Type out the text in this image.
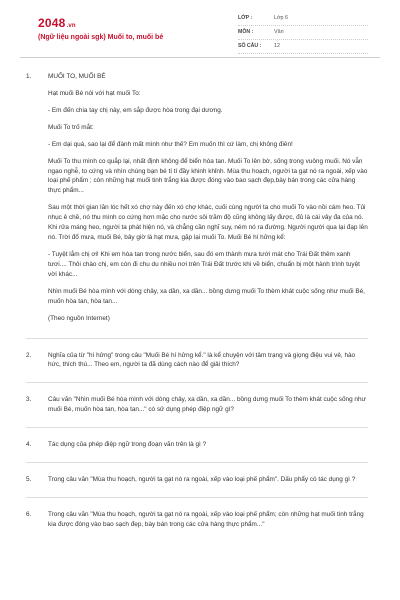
2048.vn
(Ngữ liệu ngoài sgk) Muối to, muối bé
LỚP :	Lớp 6
MÔN :	Văn
SỐ CÂU :	12
1.	MUỐI TO, MUỐI BÉ

Hạt muối Bé nói với hạt muối To:

- Em đến chia tay chị này, em sắp được hòa trong đại dương.

Muối To trố mắt:

- Em dại quá, sao lại để đánh mất mình như thế? Em muốn thì cứ làm, chị không điên!

Muối To thu mình co quắp lại, nhất định không để biển hòa tan. Muối To lên bờ, sống trong vuông muối. Nó vẫn ngạo nghễ, to cứng và nhìn chúng bạn bé tí tí đầy khinh khỉnh. Mùa thu hoạch, người ta gạt nó ra ngoài, xếp vào loại phế phẩm ; còn những hạt muối tinh trắng kia được đóng vào bao sạch đẹp,bày bán trong các cửa hàng thực phẩm...

Sau một thời gian lăn lóc hết xó chợ này đến xó chợ khác, cuối cùng người ta cho muối To vào nồi cám heo. Tủi nhục ê chề, nó thu mình co cứng hơn mặc cho nước sôi trăm độ cũng không lấy được, đủ là cái vây đa của nó. Khi rửa máng heo, người ta phát hiện nó, và chẳng cần nghĩ suy, ném nó ra đường. Người người qua lại đạp lên nó. Trời đổ mưa, muối Bé, bây giờ là hạt mưa, gặp lại muối To. Muối Bé hí hửng kể:

- Tuyệt lắm chị ơi! Khi em hòa tan trong nước biển, sau đó em thành mưa tưới mát cho Trái Đất thêm xanh tươi.... Thôi chào chị, em còn đi chu du nhiều nơi trên Trái Đất trước khi về biển, chuẩn bị một hành trình tuyệt vời khác...

Nhìn muối Bé hòa mình với dòng chảy, xa dần, xa dần... bồng dưng muối To thèm khát cuộc sống như muối Bé, muốn hòa tan, hòa tan...

(Theo nguồn Internet)

2.	Nghĩa của từ "hí hửng" trong câu "Muối Bé hí hửng kể." là kể chuyện với tâm trạng và giọng điệu vui vẻ, hào hức, thích thú... Theo em, người ta đã dùng cách nào để giải thích?

3.	Câu văn "Nhìn muối Bé hòa mình với dòng chảy, xa dần, xa dần... bồng dưng muối To thèm khát cuộc sống như muối Bé, muốn hòa tan, hòa tan..." có sử dụng phép điệp ngữ gì?

4.	Tác dụng của phép điệp ngữ trong đoạn văn trên là gì ?

5.	Trong câu văn "Mùa thu hoạch, người ta gạt nó ra ngoài, xếp vào loại phế phẩm". Dấu phẩy có tác dụng gì ?

6.	Trong câu văn "Mùa thu hoạch, người ta gạt nó ra ngoài, xếp vào loại phế phẩm; còn những hạt muối tinh trắng kia được đóng vào bao sạch đẹp, bày bán trong các cửa hàng thực phẩm..."
